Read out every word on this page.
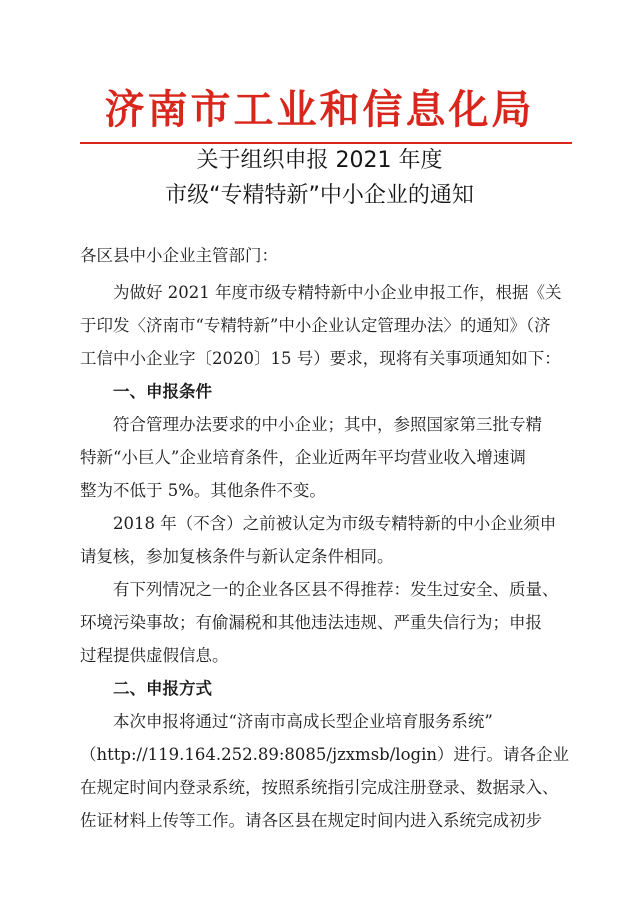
济南市工业和信息化局
关于组织申报 2021 年度
市级“专精特新”中小企业的通知
各区县中小企业主管部门：
为做好 2021 年度市级专精特新中小企业申报工作，根据《关
于印发〈济南市“专精特新”中小企业认定管理办法〉的通知》（济
工信中小企业字〔2020〕15 号）要求，现将有关事项通知如下：
一、申报条件
符合管理办法要求的中小企业；其中，参照国家第三批专精
特新“小巨人”企业培育条件，企业近两年平均营业收入增速调
整为不低于 5%。其他条件不变。
2018 年（不含）之前被认定为市级专精特新的中小企业须申
请复核，参加复核条件与新认定条件相同。
有下列情况之一的企业各区县不得推荐：发生过安全、质量、
环境污染事故；有偷漏税和其他违法违规、严重失信行为；申报
过程提供虚假信息。
二、申报方式
本次申报将通过“济南市高成长型企业培育服务系统”
（http://119.164.252.89:8085/jzxmsb/login）进行。请各企业
在规定时间内登录系统，按照系统指引完成注册登录、数据录入、
佐证材料上传等工作。请各区县在规定时间内进入系统完成初步
